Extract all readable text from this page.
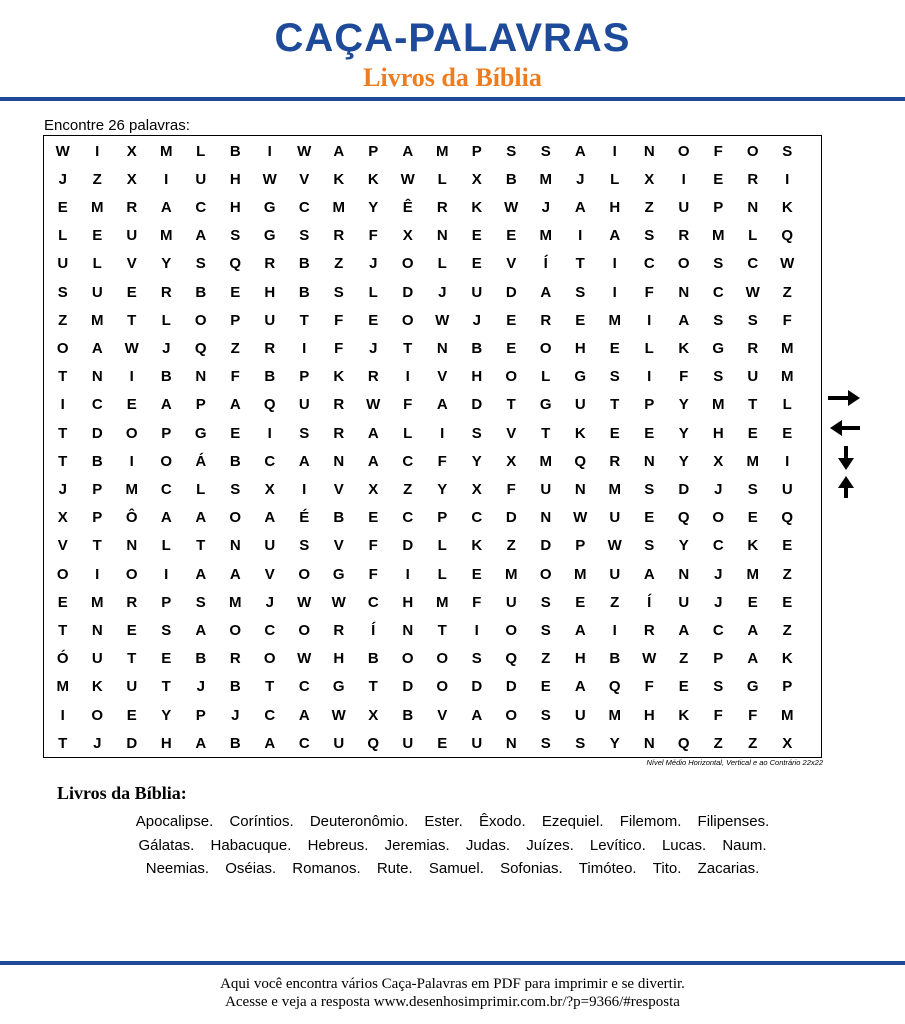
CAÇA-PALAVRAS
Livros da Bíblia
Encontre 26 palavras:
W	I	X	M	L	B	I	W	A	P	A	M	P	S	S	A	I	N	O	F	O	S
J	Z	X	I	U	H	W	V	K	K	W	L	X	B	M	J	L	X	I	E	R	I
E	M	R	A	C	H	G	C	M	Y	Ê	R	K	W	J	A	H	Z	U	P	N	K
L	E	U	M	A	S	G	S	R	F	X	N	E	E	M	I	A	S	R	M	L	Q
U	L	V	Y	S	Q	R	B	Z	J	O	L	E	V	Í	T	I	C	O	S	C	W
S	U	E	R	B	E	H	B	S	L	D	J	U	D	A	S	I	F	N	C	W	Z
Z	M	T	L	O	P	U	T	F	E	O	W	J	E	R	E	M	I	A	S	S	F
O	A	W	J	Q	Z	R	I	F	J	T	N	B	E	O	H	E	L	K	G	R	M
T	N	I	B	N	F	B	P	K	R	I	V	H	O	L	G	S	I	F	S	U	M
I	C	E	A	P	A	Q	U	R	W	F	A	D	T	G	U	T	P	Y	M	T	L
T	D	O	P	G	E	I	S	R	A	L	I	S	V	T	K	E	E	Y	H	E	E
T	B	I	O	Á	B	C	A	N	A	C	F	Y	X	M	Q	R	N	Y	X	M	I
J	P	M	C	L	S	X	I	V	X	Z	Y	X	F	U	N	M	S	D	J	S	U
X	P	Ô	A	A	O	A	É	B	E	C	P	C	D	N	W	U	E	Q	O	E	Q
V	T	N	L	T	N	U	S	V	F	D	L	K	Z	D	P	W	S	Y	C	K	E
O	I	O	I	A	A	V	O	G	F	I	L	E	M	O	M	U	A	N	J	M	Z
E	M	R	P	S	M	J	W	W	C	H	M	F	U	S	E	Z	Í	U	J	E	E
T	N	E	S	A	O	C	O	R	Í	N	T	I	O	S	A	I	R	A	C	A	Z
Ó	U	T	E	B	R	O	W	H	B	O	O	S	Q	Z	H	B	W	Z	P	A	K
M	K	U	T	J	B	T	C	G	T	D	O	D	D	E	A	Q	F	E	S	G	P
I	O	E	Y	P	J	C	A	W	X	B	V	A	O	S	U	M	H	K	F	F	M
T	J	D	H	A	B	A	C	U	Q	U	E	U	N	S	S	Y	N	Q	Z	Z	X
Nível Médio Horizontal, Vertical e ao Contrário 22x22
Livros da Bíblia:
Apocalipse. Coríntios. Deuteronômio. Ester. Êxodo. Ezequiel. Filemom. Filipenses.
Gálatas. Habacuque. Hebreus. Jeremias. Judas. Juízes. Levítico. Lucas. Naum.
Neemias. Oséias. Romanos. Rute. Samuel. Sofonias. Timóteo. Tito. Zacarias.
Aqui você encontra vários Caça-Palavras em PDF para imprimir e se divertir.
Acesse e veja a resposta www.desenhosimprimir.com.br/?p=9366/#resposta
